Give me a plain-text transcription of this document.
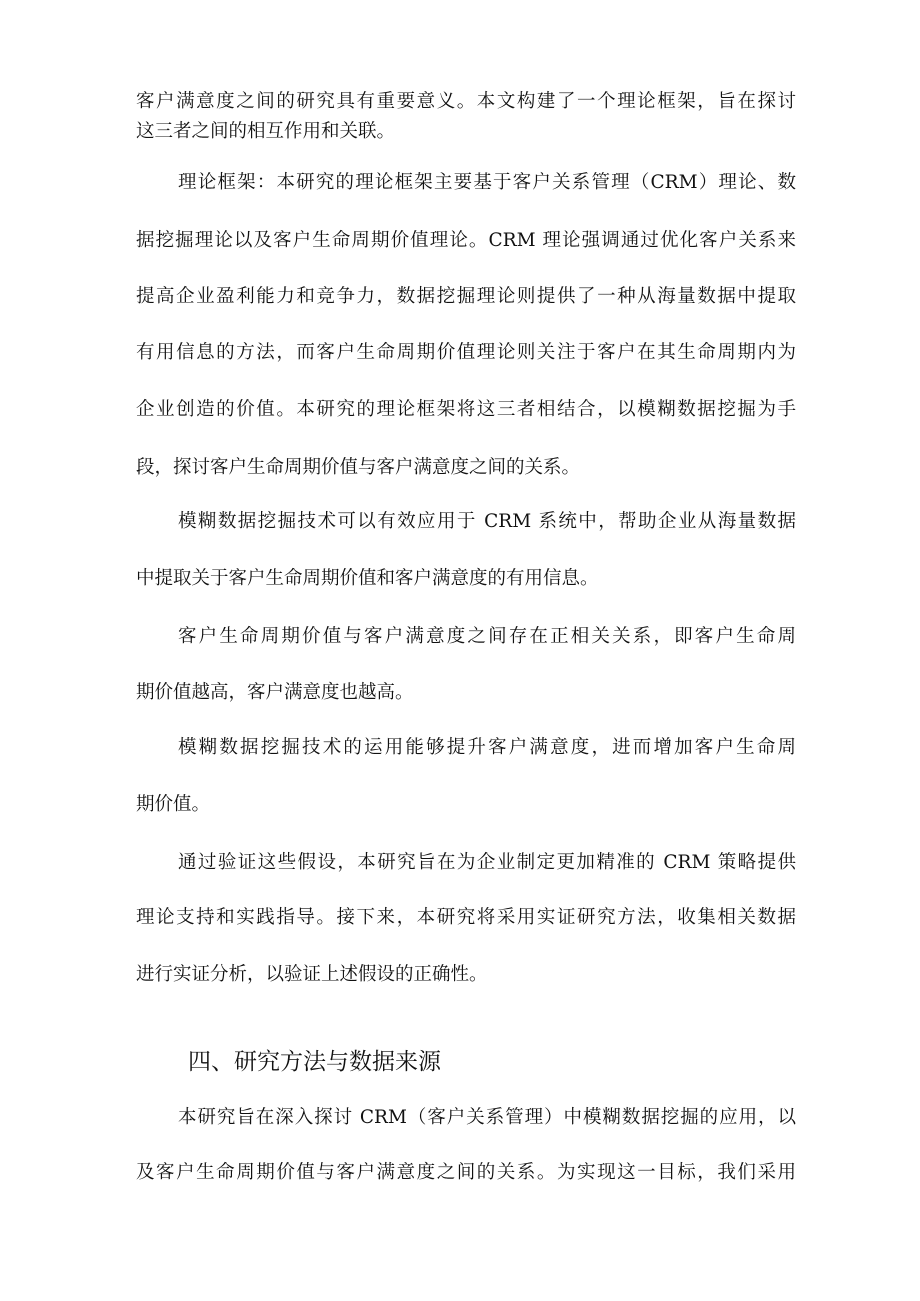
客户满意度之间的研究具有重要意义。本文构建了一个理论框架，旨在探讨
这三者之间的相互作用和关联。
理论框架：本研究的理论框架主要基于客户关系管理（CRM）理论、数
据挖掘理论以及客户生命周期价值理论。CRM 理论强调通过优化客户关系来
提高企业盈利能力和竞争力，数据挖掘理论则提供了一种从海量数据中提取
有用信息的方法，而客户生命周期价值理论则关注于客户在其生命周期内为
企业创造的价值。本研究的理论框架将这三者相结合，以模糊数据挖掘为手
段，探讨客户生命周期价值与客户满意度之间的关系。
模糊数据挖掘技术可以有效应用于 CRM 系统中，帮助企业从海量数据
中提取关于客户生命周期价值和客户满意度的有用信息。
客户生命周期价值与客户满意度之间存在正相关关系，即客户生命周
期价值越高，客户满意度也越高。
模糊数据挖掘技术的运用能够提升客户满意度，进而增加客户生命周
期价值。
通过验证这些假设，本研究旨在为企业制定更加精准的 CRM 策略提供
理论支持和实践指导。接下来，本研究将采用实证研究方法，收集相关数据
进行实证分析，以验证上述假设的正确性。
四、研究方法与数据来源
本研究旨在深入探讨 CRM（客户关系管理）中模糊数据挖掘的应用，以
及客户生命周期价值与客户满意度之间的关系。为实现这一目标，我们采用
